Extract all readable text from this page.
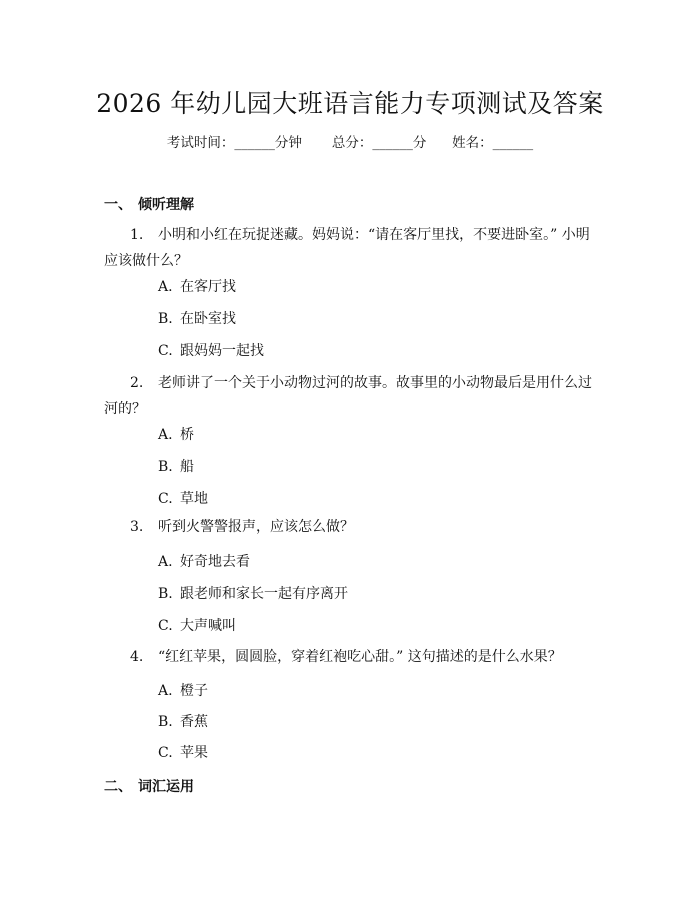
2026 年幼儿园大班语言能力专项测试及答案
考试时间：______分钟 总分：______分 姓名：______
一、 倾听理解
1. 小明和小红在玩捉迷藏。妈妈说：“请在客厅里找，不要进卧室。” 小明应该做什么？
A. 在客厅找
B. 在卧室找
C. 跟妈妈一起找
2. 老师讲了一个关于小动物过河的故事。故事里的小动物最后是用什么过河的？
A. 桥
B. 船
C. 草地
3. 听到火警警报声，应该怎么做？
A. 好奇地去看
B. 跟老师和家长一起有序离开
C. 大声喊叫
4. “红红苹果，圆圆脸，穿着红袍吃心甜。” 这句描述的是什么水果？
A. 橙子
B. 香蕉
C. 苹果
二、 词汇运用
